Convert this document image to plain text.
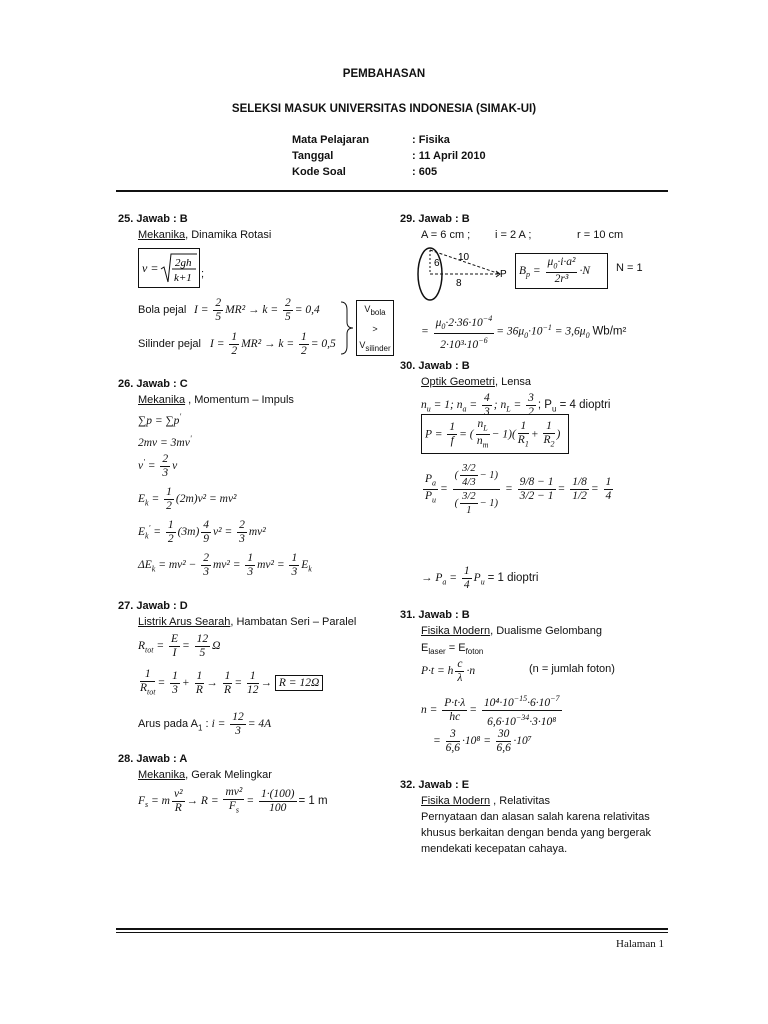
PEMBAHASAN
SELEKSI MASUK UNIVERSITAS INDONESIA (SIMAK-UI)
Mata Pelajaran	: Fisika
Tanggal	: 11 April 2010
Kode Soal	: 605
25. Jawab : B
Mekanika, Dinamika Rotasi
v = 2gh
k+1 ;
Bola pejal $I = \frac{2}{5} MR^2 \to k = \frac{2}{5} = 0,4$
Silinder pejal $I = \frac{1}{2} MR^2 \to k = \frac{1}{2} = 0,5$
$V_{bola}$
>
$V_{silinder}$
26. Jawab : C
Mekanika , Momentum – Impuls
∑p = ∑p'
2mv = 3mv'
$v' = \frac{2}{3}$ v
$E_k = \frac{1}{2} (2m)v^2 = mv^2$
$E_k' = \frac{1}{2} (3m) \frac{4}{9} v^2 = \frac{2}{3} mv^2$
$\Delta E_k = mv^2 - \frac{2}{3} mv^2 = \frac{1}{3} mv^2 = \frac{1}{3} E_k$
27. Jawab : D
Listrik Arus Searah, Hambatan Seri – Paralel
$R_{tot} = \frac{E}{I} = \frac{12}{5}$ Ω
$\frac{1}{R_{tot}} = \frac{1}{3} + \frac{1}{R} \to \frac{1}{R} = \frac{1}{12} \to R = 12\Omega$
Arus pada $A_1$ : $i = \frac{12}{3} = 4A$
28. Jawab : A
Mekanika, Gerak Melingkar
$F_s = m \frac{\text{v²}}{R} \to R = \frac{\text{mv²}}{F_s} = \frac{1\cdot(100)}{100} = 1$ m
29. Jawab : B
A = 6 cm ; i = 2 A ;	r = 10 cm
6
10
8
P $B_p = \frac{\mu_0\cdot i\cdot a^2}{\text{2r³}} \cdot N$ N = 1
= $\frac{\mu_0\cdot 2\cdot 36\cdot 10^{-4}}{2\cdot 10^3\cdot 10^{-6}} = 36\mu_0\cdot 10^{-1} = 3,6\mu_0$ Wb/m²
30. Jawab : B
Optik Geometri, Lensa
$n_u = 1$; $n_a = \frac{4}{3}$ ; $n_L = \frac{3}{2}$ ; $P_u = 4$ dioptri
$P = \frac{1}{f}$ = ( $\frac{n_L}{n_m} - 1)( \frac{1}{R_1} + \frac{1}{R_2}$ )
$\frac{P_a}{P_u} = \frac{( \frac{3/2}{4/3} - 1)}{( \frac{3/2}{1} - 1)} = \frac{9/8 - 1}{3/2 - 1} = \frac{1/8}{1/2} = \frac{1}{4}$
→ $P_a = \frac{1}{4} P_u = 1$ dioptri
31. Jawab : B
Fisika Modern, Dualisme Gelombang
$E_{laser} = E_{foton}$
P·t = h $\frac{c}{\lambda} \cdot n$	(n = jumlah foton)
$n = \frac{P\cdot t\cdot\lambda}{hc} = \frac{10^4\cdot 10^{-15}\cdot 6\cdot 10^{-7}}{6,6\cdot 10^{-34}\cdot 3\cdot 10^8}$
= $\frac{3}{6,6} \cdot 10^8 = \frac{30}{6,6} \cdot 10^7$
32. Jawab : E
Fisika Modern , Relativitas
Pernyataan dan alasan salah karena relativitas
khusus berkaitan dengan benda yang bergerak
mendekati kecepatan cahaya.
Halaman 1
